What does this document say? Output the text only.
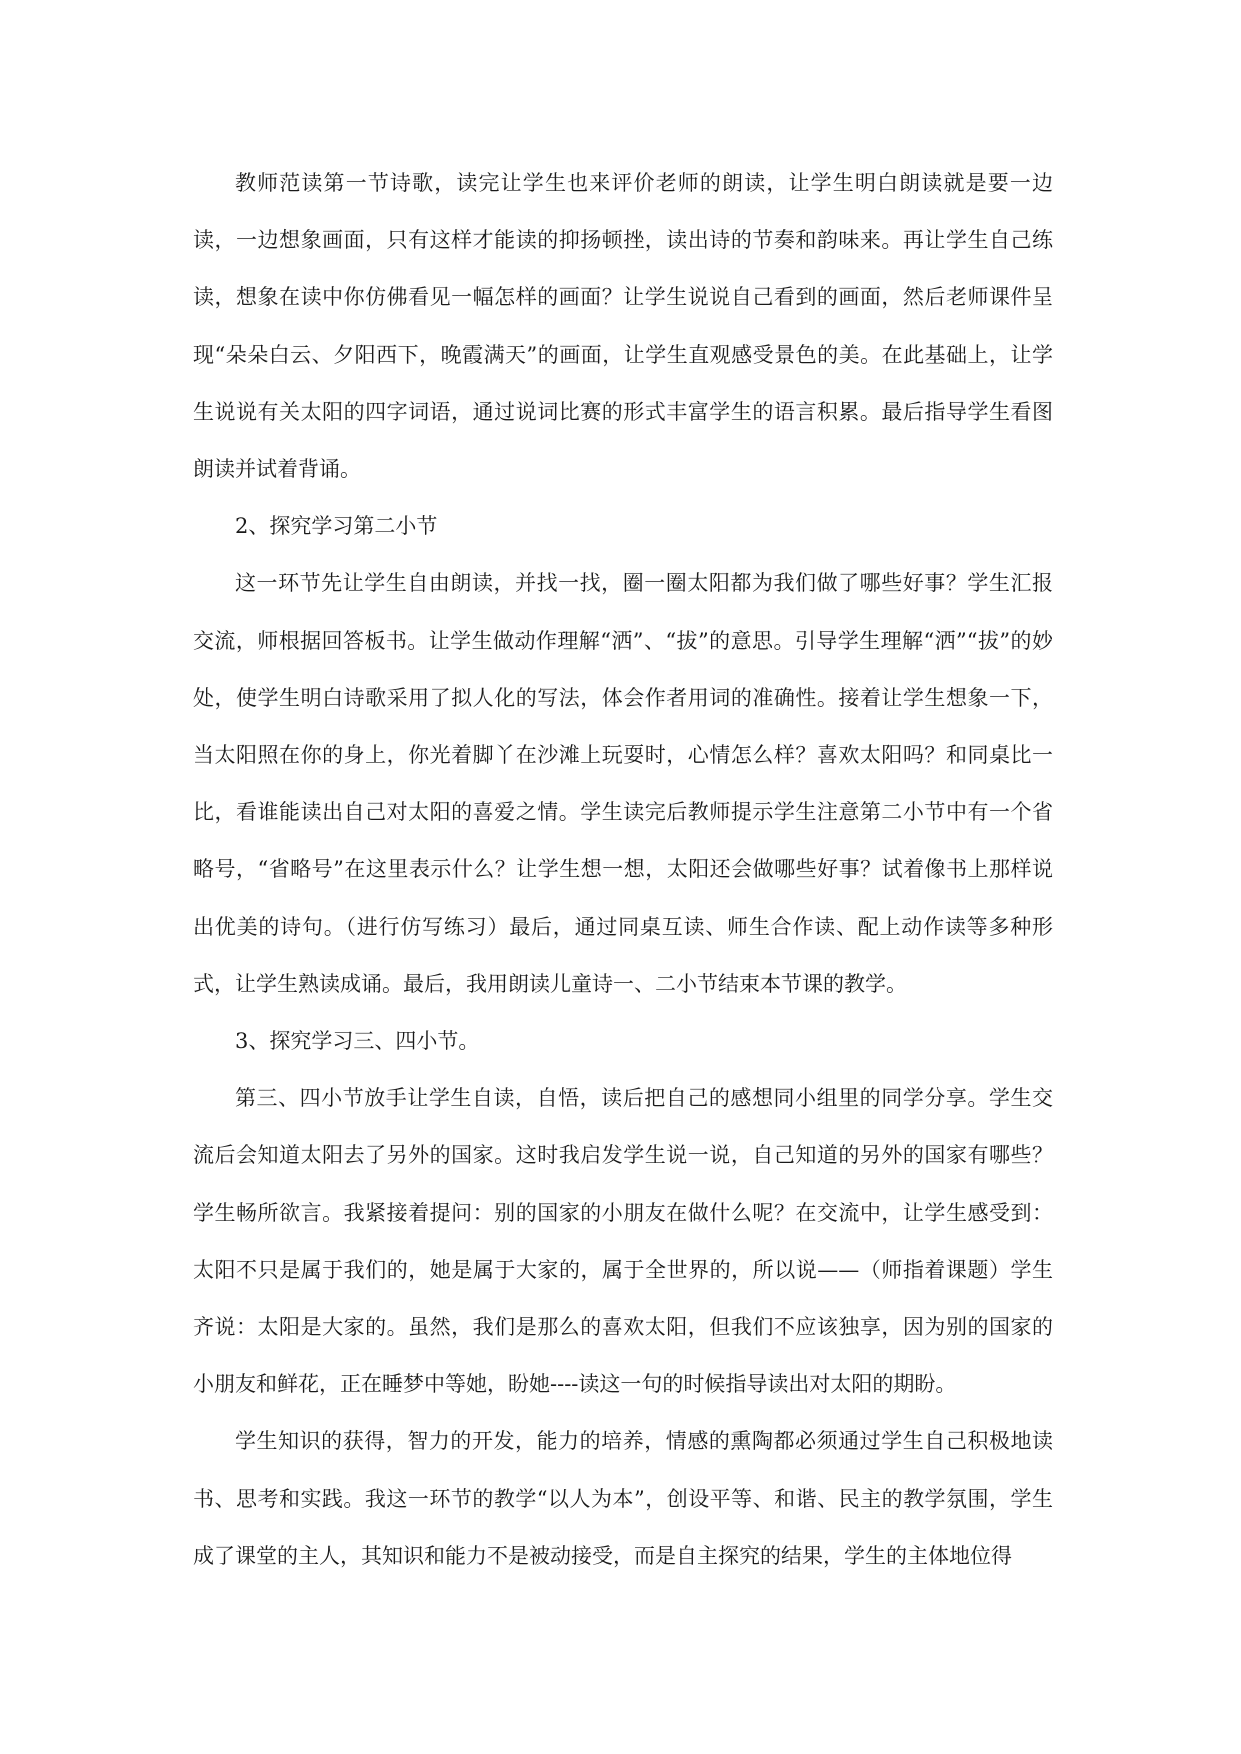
教师范读第一节诗歌，读完让学生也来评价老师的朗读，让学生明白朗读就是要一边读，一边想象画面，只有这样才能读的抑扬顿挫，读出诗的节奏和韵味来。再让学生自己练读，想象在读中你仿佛看见一幅怎样的画面？让学生说说自己看到的画面，然后老师课件呈现“朵朵白云、夕阳西下，晚霞满天”的画面，让学生直观感受景色的美。在此基础上，让学生说说有关太阳的四字词语，通过说词比赛的形式丰富学生的语言积累。最后指导学生看图朗读并试着背诵。

2、探究学习第二小节

这一环节先让学生自由朗读，并找一找，圈一圈太阳都为我们做了哪些好事？学生汇报交流，师根据回答板书。让学生做动作理解“洒”、“拔”的意思。引导学生理解“洒”“拔”的妙处，使学生明白诗歌采用了拟人化的写法，体会作者用词的准确性。接着让学生想象一下，当太阳照在你的身上，你光着脚丫在沙滩上玩耍时，心情怎么样？喜欢太阳吗？和同桌比一比，看谁能读出自己对太阳的喜爱之情。学生读完后教师提示学生注意第二小节中有一个省略号，“省略号”在这里表示什么？让学生想一想，太阳还会做哪些好事？试着像书上那样说出优美的诗句。（进行仿写练习）最后，通过同桌互读、师生合作读、配上动作读等多种形式，让学生熟读成诵。最后，我用朗读儿童诗一、二小节结束本节课的教学。

3、探究学习三、四小节。

第三、四小节放手让学生自读，自悟，读后把自己的感想同小组里的同学分享。学生交流后会知道太阳去了另外的国家。这时我启发学生说一说，自己知道的另外的国家有哪些？学生畅所欲言。我紧接着提问：别的国家的小朋友在做什么呢？在交流中，让学生感受到：太阳不只是属于我们的，她是属于大家的，属于全世界的，所以说——（师指着课题）学生齐说：太阳是大家的。虽然，我们是那么的喜欢太阳，但我们不应该独享，因为别的国家的小朋友和鲜花，正在睡梦中等她，盼她----读这一句的时候指导读出对太阳的期盼。

学生知识的获得，智力的开发，能力的培养，情感的熏陶都必须通过学生自己积极地读书、思考和实践。我这一环节的教学“以人为本”，创设平等、和谐、民主的教学氛围，学生成了课堂的主人，其知识和能力不是被动接受，而是自主探究的结果，学生的主体地位得
